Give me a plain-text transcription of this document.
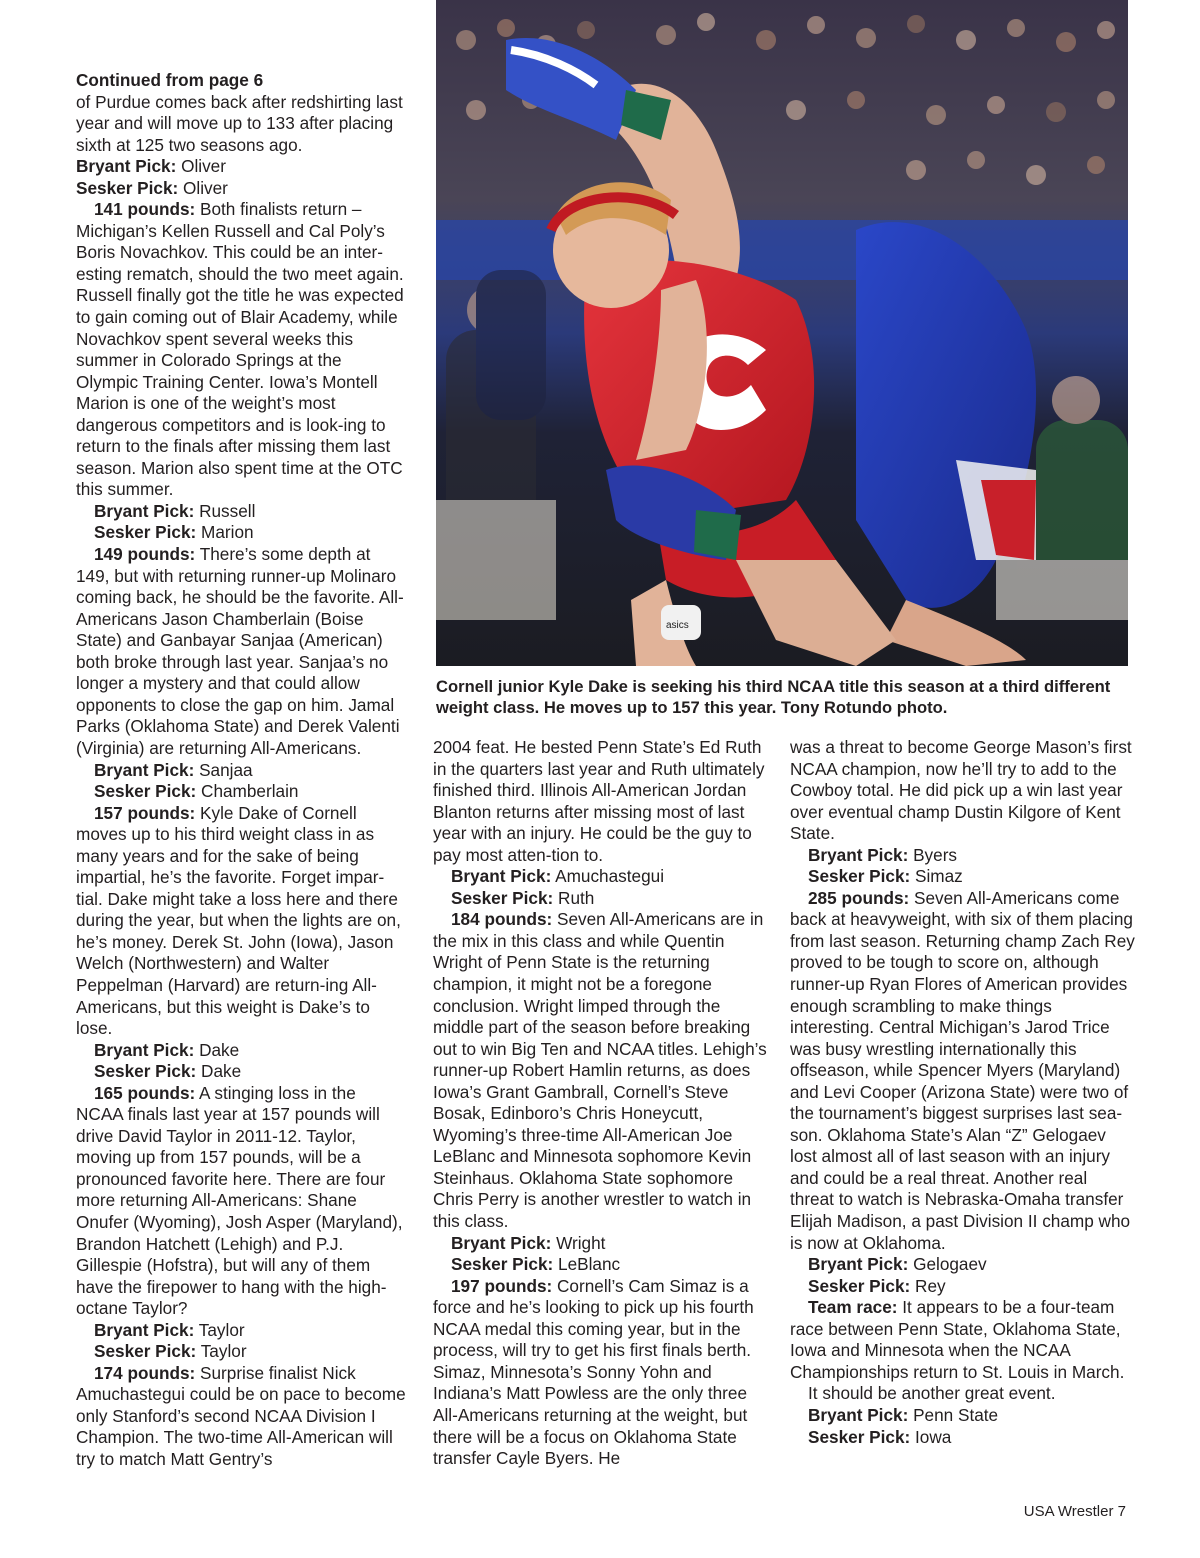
Continued from page 6

of Purdue comes back after redshirting last year and will move up to 133 after placing sixth at 125 two seasons ago.

Bryant Pick: Oliver

Sesker Pick: Oliver

141 pounds: Both finalists return – Michigan’s Kellen Russell and Cal Poly’s Boris Novachkov. This could be an inter-esting rematch, should the two meet again. Russell finally got the title he was expected to gain coming out of Blair Academy, while Novachkov spent several weeks this summer in Colorado Springs at the Olympic Training Center. Iowa’s Montell Marion is one of the weight’s most dangerous competitors and is look-ing to return to the finals after missing them last season. Marion also spent time at the OTC this summer.

Bryant Pick: Russell

Sesker Pick: Marion

149 pounds: There’s some depth at 149, but with returning runner-up Molinaro coming back, he should be the favorite. All-Americans Jason Chamberlain (Boise State) and Ganbayar Sanjaa (American) both broke through last year. Sanjaa’s no longer a mystery and that could allow opponents to close the gap on him. Jamal Parks (Oklahoma State) and Derek Valenti (Virginia) are returning All-Americans.

Bryant Pick: Sanjaa

Sesker Pick: Chamberlain

157 pounds: Kyle Dake of Cornell moves up to his third weight class in as many years and for the sake of being impartial, he’s the favorite. Forget impar-tial. Dake might take a loss here and there during the year, but when the lights are on, he’s money. Derek St. John (Iowa), Jason Welch (Northwestern) and Walter Peppelman (Harvard) are return-ing All-Americans, but this weight is Dake’s to lose.

Bryant Pick: Dake

Sesker Pick: Dake

165 pounds: A stinging loss in the NCAA finals last year at 157 pounds will drive David Taylor in 2011-12. Taylor, moving up from 157 pounds, will be a pronounced favorite here. There are four more returning All-Americans: Shane Onufer (Wyoming), Josh Asper (Maryland), Brandon Hatchett (Lehigh) and P.J. Gillespie (Hofstra), but will any of them have the firepower to hang with the high-octane Taylor?

Bryant Pick: Taylor

Sesker Pick: Taylor

174 pounds: Surprise finalist Nick Amuchastegui could be on pace to become only Stanford’s second NCAA Division I Champion. The two-time All-American will try to match Matt Gentry’s

2004 feat. He bested Penn State’s Ed Ruth in the quarters last year and Ruth ultimately finished third. Illinois All-American Jordan Blanton returns after missing most of last year with an injury. He could be the guy to pay most atten-tion to.

Bryant Pick: Amuchastegui

Sesker Pick: Ruth

184 pounds: Seven All-Americans are in the mix in this class and while Quentin Wright of Penn State is the returning champion, it might not be a foregone conclusion. Wright limped through the middle part of the season before breaking out to win Big Ten and NCAA titles. Lehigh’s runner-up Robert Hamlin returns, as does Iowa’s Grant Gambrall, Cornell’s Steve Bosak, Edinboro’s Chris Honeycutt, Wyoming’s three-time All-American Joe LeBlanc and Minnesota sophomore Kevin Steinhaus. Oklahoma State sophomore Chris Perry is another wrestler to watch in this class.

Bryant Pick: Wright

Sesker Pick: LeBlanc

197 pounds: Cornell’s Cam Simaz is a force and he’s looking to pick up his fourth NCAA medal this coming year, but in the process, will try to get his first finals berth. Simaz, Minnesota’s Sonny Yohn and Indiana’s Matt Powless are the only three All-Americans returning at the weight, but there will be a focus on Oklahoma State transfer Cayle Byers. He

was a threat to become George Mason’s first NCAA champion, now he’ll try to add to the Cowboy total. He did pick up a win last year over eventual champ Dustin Kilgore of Kent State.

Bryant Pick: Byers

Sesker Pick: Simaz

285 pounds: Seven All-Americans come back at heavyweight, with six of them placing from last season. Returning champ Zach Rey proved to be tough to score on, although runner-up Ryan Flores of American provides enough scrambling to make things interesting. Central Michigan’s Jarod Trice was busy wrestling internationally this offseason, while Spencer Myers (Maryland) and Levi Cooper (Arizona State) were two of the tournament’s biggest surprises last sea-son. Oklahoma State’s Alan “Z” Gelogaev lost almost all of last season with an injury and could be a real threat. Another real threat to watch is Nebraska-Omaha transfer Elijah Madison, a past Division II champ who is now at Oklahoma.

Bryant Pick: Gelogaev

Sesker Pick: Rey

Team race: It appears to be a four-team race between Penn State, Oklahoma State, Iowa and Minnesota when the NCAA Championships return to St. Louis in March.

It should be another great event.

Bryant Pick: Penn State

Sesker Pick: Iowa

asics
Cornell junior Kyle Dake is seeking his third NCAA title this season at a third different weight class. He moves up to 157 this year. Tony Rotundo photo.
USA Wrestler 7
